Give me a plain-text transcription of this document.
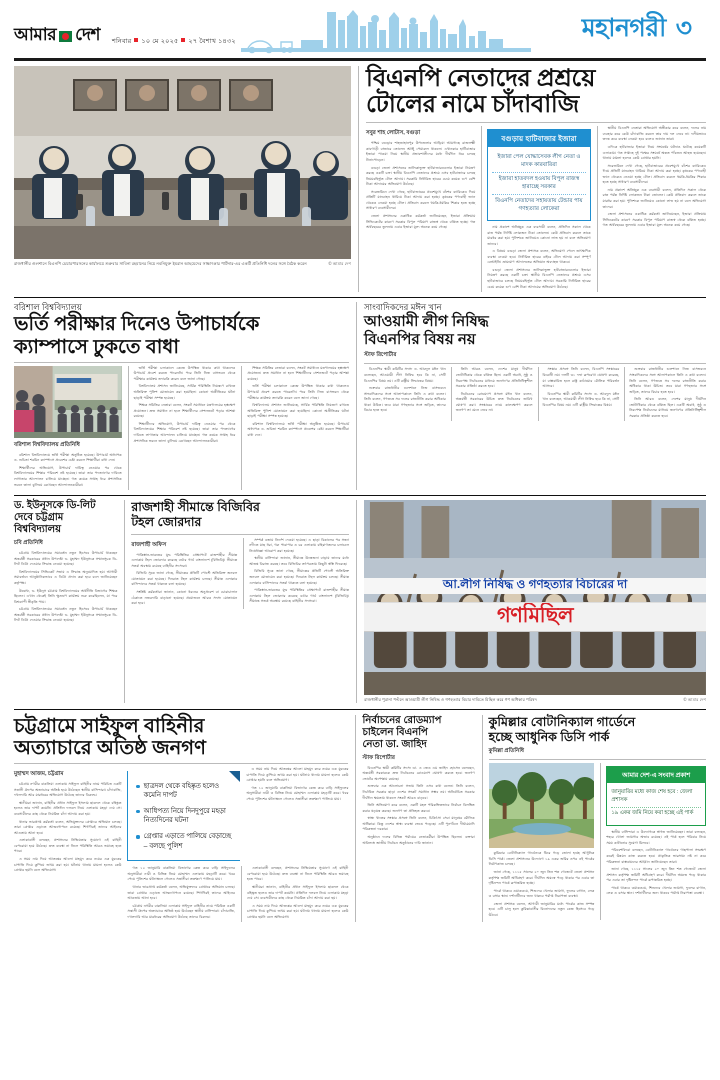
আমার দেশ শনিবার ১০ মে ২০২৫ ২৭ বৈশাখ ১৪৩২	মহানগরী ৩
© আমার দেশ
রাজধানীর গুলশানে বিএনপি চেয়ারপারসনের কার্যালয়ে শুক্রবার সাবিনা রহমানের নিয়ে নবনিযুক্ত ইমরান আহমেদের সাক্ষাৎকার পার্টনার-এর একটি প্রতিনিধি দলের সঙ্গে বৈঠক করেন
বিএনপি নেতাদের প্রশ্রয়ে
টোলের নামে চাঁদাবাজি
সবুর শাহ লোটাস, বগুড়া

পশ্চিম বগুড়ার শাহজাহানপুর উপজেলার আড়িয়া আমগাছে রাজলক্ষ্মী কাবগাড়ী বাজারে তোলেন আঞ্জু পেয়ারুল থাকলে। এখানকার হাটিবাজার ইজারা পাওয়া নিয়ে স্থানীয় প্রভাবশালীদের মধ্যে দীর্ঘদিন ধরে চলছে টানাপোড়েন।

বগুড়া জেলা প্রশাসনের তালিকাভুক্ত হাটবাজারগুলোর ইজারা নিয়ন্ত্রণ করছে একটি চক্র। স্থানীয় বিএনপি নেতাদের প্রশ্রয়ে এসব হাটবাজারে চলছে নিয়মবহির্ভূত টোল আদায়। সরকারি নির্ধারিত হারের চেয়ে কয়েক গুণ বেশি টাকা আদায়ের অভিযোগ উঠেছে।

সরেজমিনে দেখা গেছে, হাটবাজারের প্রবেশমুখে বাঁশের ব্যারিকেড দিয়ে প্রতিটি যানবাহন থামিয়ে টাকা আদায় করা হচ্ছে। কৃষকের পণ্যবাহী ভ্যান থেকেও নেওয়া হচ্ছে টোল। প্রতিবাদ করলে হুমকি-ধমকির শিকার হতে হচ্ছে সাধারণ ব্যবসায়ীদের।

জেলা প্রশাসনের একাধিক কর্মকর্তা জানিয়েছেন, ইজারা প্রক্রিয়ায় সিন্ডিকেটের কারণে সরকার বিপুল পরিমাণ রাজস্ব থেকে বঞ্চিত হচ্ছে। গত অর্থবছরের তুলনায় এবার ইজারা মূল্য অনেক কমে গেছে।

বগুড়ায় হাটিবাজার ইজারা
ইজারা পেল যোদ্ধাসেবক লীগ নেতা ও মাদক কারবারিরা
ইজারা হাতবদল হওয়ায় বিপুল রাজস্ব হারাচ্ছে সরকার
বিএনপি নেতাদের সহায়তায় টেন্ডার পায় গণহত্যার লোকেরা

নাম প্রকাশে অনিচ্ছুক এক ব্যবসায়ী বলেন, প্রতিদিন সকাল থেকে রাত পর্যন্ত নির্দিষ্ট লোকজন টাকা তোলেন। কেউ প্রতিবাদ করলে তাকে মারধর করা হয়। পুলিশকে জানিয়েও কোনো লাভ হয় না বলে অভিযোগ তাদের।

এ বিষয়ে বগুড়া জেলা প্রশাসক বলেন, অভিযোগ পেলে তাৎক্ষণিক ব্যবস্থা নেওয়া হবে। নির্ধারিত হারের বাইরে টোল আদায় করা সম্পূর্ণ বেআইনি। ভ্রাম্যমাণ আদালতের অভিযান অব্যাহত থাকবে।

বগুড়া জেলা প্রশাসনের তালিকাভুক্ত হাটবাজারগুলোর ইজারা নিয়ন্ত্রণ করছে একটি চক্র। স্থানীয় বিএনপি নেতাদের প্রশ্রয়ে এসব হাটবাজারে চলছে নিয়মবহির্ভূত টোল আদায়। সরকারি নির্ধারিত হারের চেয়ে কয়েক গুণ বেশি টাকা আদায়ের অভিযোগ উঠেছে।

স্থানীয় বিএনপি নেতারা অভিযোগ অস্বীকার করে বলেন, দলের নাম ব্যবহার করে কেউ চাঁদাবাজি করলে তার দায় দল নেবে না। দলীয়ভাবে তদন্ত করে ব্যবস্থা নেওয়া হবে বলেও জানান তারা।

এদিকে হাটবাজার ইজারা নিয়ে সংঘর্ষের ঘটনাও ঘটেছে কয়েকটি এলাকায়। গত সপ্তাহে দুই পক্ষের সংঘর্ষে অন্তত পাঁচজন আহত হয়েছেন। থানায় মামলা হলেও কেউ গ্রেপ্তার হয়নি।

সরেজমিনে দেখা গেছে, হাটবাজারের প্রবেশমুখে বাঁশের ব্যারিকেড দিয়ে প্রতিটি যানবাহন থামিয়ে টাকা আদায় করা হচ্ছে। কৃষকের পণ্যবাহী ভ্যান থেকেও নেওয়া হচ্ছে টোল। প্রতিবাদ করলে হুমকি-ধমকির শিকার হতে হচ্ছে সাধারণ ব্যবসায়ীদের।

নাম প্রকাশে অনিচ্ছুক এক ব্যবসায়ী বলেন, প্রতিদিন সকাল থেকে রাত পর্যন্ত নির্দিষ্ট লোকজন টাকা তোলেন। কেউ প্রতিবাদ করলে তাকে মারধর করা হয়। পুলিশকে জানিয়েও কোনো লাভ হয় না বলে অভিযোগ তাদের।

জেলা প্রশাসনের একাধিক কর্মকর্তা জানিয়েছেন, ইজারা প্রক্রিয়ায় সিন্ডিকেটের কারণে সরকার বিপুল পরিমাণ রাজস্ব থেকে বঞ্চিত হচ্ছে। গত অর্থবছরের তুলনায় এবার ইজারা মূল্য অনেক কমে গেছে।

বরিশাল বিশ্ববিদ্যালয়
ভর্তি পরীক্ষার দিনেও উপাচার্যকে
ক্যাম্পাসে ঢুকতে বাধা
বরিশাল বিশ্ববিদ্যালয় প্রতিনিধি

বরিশাল বিশ্ববিদ্যালয়ে ভর্তি পরীক্ষা অনুষ্ঠিত হয়েছে। উপাচার্য অধ্যাপক ড. শুচিতা শরমিন ক্যাম্পাসে প্রবেশের চেষ্টা করলে শিক্ষার্থীরা বাধা দেন।

শিক্ষার্থীদের অভিযোগ, উপাচার্য দায়িত্ব নেওয়ার পর থেকে বিশ্ববিদ্যালয়ের শিক্ষার পরিবেশ নষ্ট হয়েছে। তারা তার পদত্যাগের দাবিতে লাগাতার আন্দোলন চালিয়ে যাচ্ছেন। গত কয়েক সপ্তাহ ধরে প্রশাসনিক ভবনে তালা ঝুলিয়ে রেখেছেন আন্দোলনকারীরা।

ভর্তি পরীক্ষা চলাকালে কেন্দ্রে উপস্থিত থাকার কথা থাকলেও উপাচার্য প্রবেশ করতে পারেননি। পরে তিনি নিজ বাসভবন থেকে পরীক্ষার কার্যক্রম তদারকি করেন বলে জানা গেছে।

বিশ্ববিদ্যালয় প্রশাসন জানিয়েছে, সার্বিক পরিস্থিতি নিয়ন্ত্রণে রাখতে অতিরিক্ত পুলিশ মোতায়েন করা হয়েছিল। কোনো অপ্রীতিকর ঘটনা ছাড়াই পরীক্ষা সম্পন্ন হয়েছে।

শিক্ষক সমিতির নেতারা বলেন, সংকট সমাধানে মন্ত্রণালয়ের হস্তক্ষেপ প্রয়োজন। দ্রুত সমাধান না হলে শিক্ষার্থীদের সেশনজটে পড়ার আশঙ্কা রয়েছে।

শিক্ষার্থীদের অভিযোগ, উপাচার্য দায়িত্ব নেওয়ার পর থেকে বিশ্ববিদ্যালয়ের শিক্ষার পরিবেশ নষ্ট হয়েছে। তারা তার পদত্যাগের দাবিতে লাগাতার আন্দোলন চালিয়ে যাচ্ছেন। গত কয়েক সপ্তাহ ধরে প্রশাসনিক ভবনে তালা ঝুলিয়ে রেখেছেন আন্দোলনকারীরা।

শিক্ষক সমিতির নেতারা বলেন, সংকট সমাধানে মন্ত্রণালয়ের হস্তক্ষেপ প্রয়োজন। দ্রুত সমাধান না হলে শিক্ষার্থীদের সেশনজটে পড়ার আশঙ্কা রয়েছে।

ভর্তি পরীক্ষা চলাকালে কেন্দ্রে উপস্থিত থাকার কথা থাকলেও উপাচার্য প্রবেশ করতে পারেননি। পরে তিনি নিজ বাসভবন থেকে পরীক্ষার কার্যক্রম তদারকি করেন বলে জানা গেছে।

বিশ্ববিদ্যালয় প্রশাসন জানিয়েছে, সার্বিক পরিস্থিতি নিয়ন্ত্রণে রাখতে অতিরিক্ত পুলিশ মোতায়েন করা হয়েছিল। কোনো অপ্রীতিকর ঘটনা ছাড়াই পরীক্ষা সম্পন্ন হয়েছে।

বরিশাল বিশ্ববিদ্যালয়ে ভর্তি পরীক্ষা অনুষ্ঠিত হয়েছে। উপাচার্য অধ্যাপক ড. শুচিতা শরমিন ক্যাম্পাসে প্রবেশের চেষ্টা করলে শিক্ষার্থীরা বাধা দেন।

সাংবাদিকদের মঈন খান
আওয়ামী লীগ নিষিদ্ধ
বিএনপির বিষয় নয়
স্টাফ রিপোর্টার

বিএনপির স্থায়ী কমিটির সদস্য ড. আবদুল মঈন খান বলেছেন, আওয়ামী লীগ নিষিদ্ধ হবে কি না, সেটি বিএনপির বিষয় নয়। এটি রাষ্ট্রীয় সিদ্ধান্তের বিষয়।

শুক্রবার রাজধানীর গুলশানে নিজ বাসভবনে সাংবাদিকদের সঙ্গে আলাপকালে তিনি এ কথা বলেন। তিনি বলেন, গণতন্ত্রে সব দলের রাজনীতি করার অধিকার থাকা উচিত। তবে যারা গণহত্যার সঙ্গে জড়িত, তাদের বিচার হতে হবে।

তিনি আরও বলেন, দেশের মানুষ দীর্ঘদিন ভোটাধিকার থেকে বঞ্চিত ছিল। একটি অবাধ, সুষ্ঠু ও নিরপেক্ষ নির্বাচনের মাধ্যমে জনগণের প্রতিনিধিত্বশীল সরকার প্রতিষ্ঠা করতে হবে।

নির্বাচনের রোডম্যাপ প্রসঙ্গে মঈন খান বলেন, অন্তর্বর্তী সরকারের উচিত দ্রুত নির্বাচনের তারিখ ঘোষণা করা। সংস্কারের নামে কালক্ষেপণ করলে জনগণ তা মেনে নেবে না।

সংস্কার প্রসঙ্গে তিনি বলেন, বিএনপি সংস্কারের বিরোধী নয়। দলটি ৩১ দফা রূপরেখা ঘোষণা করেছে, যা বাস্তবায়িত হলে রাষ্ট্র কাঠামোর মৌলিক পরিবর্তন আসবে।

বিএনপির স্থায়ী কমিটির সদস্য ড. আবদুল মঈন খান বলেছেন, আওয়ামী লীগ নিষিদ্ধ হবে কি না, সেটি বিএনপির বিষয় নয়। এটি রাষ্ট্রীয় সিদ্ধান্তের বিষয়।

শুক্রবার রাজধানীর গুলশানে নিজ বাসভবনে সাংবাদিকদের সঙ্গে আলাপকালে তিনি এ কথা বলেন। তিনি বলেন, গণতন্ত্রে সব দলের রাজনীতি করার অধিকার থাকা উচিত। তবে যারা গণহত্যার সঙ্গে জড়িত, তাদের বিচার হতে হবে।

তিনি আরও বলেন, দেশের মানুষ দীর্ঘদিন ভোটাধিকার থেকে বঞ্চিত ছিল। একটি অবাধ, সুষ্ঠু ও নিরপেক্ষ নির্বাচনের মাধ্যমে জনগণের প্রতিনিধিত্বশীল সরকার প্রতিষ্ঠা করতে হবে।

ড. ইউনূসকে ডি-লিট
দেবে চট্টগ্রাম
বিশ্ববিদ্যালয়
চবি প্রতিনিধি

চট্টগ্রাম বিশ্ববিদ্যালয়ের সমাবর্তন নতুন হিসেবে উপাচার্য থাকছেন অন্তর্বর্তী সরকারের প্রধান উপদেষ্টা ড. মুহাম্মদ ইউনূসকে সম্মানসূচক ডি-লিট ডিগ্রি দেওয়ার সিদ্ধান্ত নেওয়া হয়েছে।

বিশ্ববিদ্যালয়ের সিন্ডিকেট সভায় এ সিদ্ধান্ত অনুমোদিত হয়। আগামী সমাবর্তনে আনুষ্ঠানিকভাবে এ ডিগ্রি প্রদান করা হবে বলে জানিয়েছেন কর্তৃপক্ষ।

উল্লেখ্য, ড. ইউনূস চট্টগ্রাম বিশ্ববিদ্যালয়ের অর্থনীতি বিভাগের শিক্ষক ছিলেন। এখান থেকেই তিনি ক্ষুদ্রঋণ কার্যক্রম শুরু করেছিলেন, যা পরে বিশ্বব্যাপী স্বীকৃতি পায়।

চট্টগ্রাম বিশ্ববিদ্যালয়ের সমাবর্তন নতুন হিসেবে উপাচার্য থাকছেন অন্তর্বর্তী সরকারের প্রধান উপদেষ্টা ড. মুহাম্মদ ইউনূসকে সম্মানসূচক ডি-লিট ডিগ্রি দেওয়ার সিদ্ধান্ত নেওয়া হয়েছে।

রাজশাহী সীমান্তে বিজিবির
টহল জোরদার
রাজশাহী অফিস

পাকিস্তান-ভারতের যুদ্ধ পরিস্থিতির প্রেক্ষাপটে রাজশাহীর সীমান্ত এলাকায় টহল জোরদার করেছে বর্ডার গার্ড বাংলাদেশ (বিজিবি)। সীমান্তে সতর্ক অবস্থায় রয়েছে বাহিনীর সদস্যরা।

বিজিবি সূত্রে জানা গেছে, সীমান্তের প্রতিটি পোস্টে অতিরিক্ত জনবল মোতায়েন করা হয়েছে। দিনরাত টহল কার্যক্রম চলছে। সীমান্ত এলাকার বাসিন্দাদের সতর্ক থাকতে বলা হয়েছে।

সংশ্লিষ্ট কর্মকর্তারা জানান, কোনো ধরনের অনুপ্রবেশ বা চোরাচালান ঠেকাতে নজরদারি বাড়ানো হয়েছে। প্রয়োজনে আরও সদস্য মোতায়েন করা হবে।

সম্পর্ক বজায় নির্দেশ দেওয়া হয়েছে। এ ছাড়া বিকালের পর সন্ধ্যা নদীতে মাছ ধরা, গরু পারাপার ও চর এলাকায় বহিরাগতদের চলাচলে নিষেধাজ্ঞা আরোপ করা হয়েছে।

স্থানীয় বাসিন্দারা জানান, সীমান্তে উত্তেজনা বাড়ায় তাদের মধ্যে আতঙ্ক বিরাজ করছে। তবে বিজিবির তৎপরতায় কিছুটা স্বস্তি ফিরেছে।

বিজিবি সূত্রে জানা গেছে, সীমান্তের প্রতিটি পোস্টে অতিরিক্ত জনবল মোতায়েন করা হয়েছে। দিনরাত টহল কার্যক্রম চলছে। সীমান্ত এলাকার বাসিন্দাদের সতর্ক থাকতে বলা হয়েছে।

পাকিস্তান-ভারতের যুদ্ধ পরিস্থিতির প্রেক্ষাপটে রাজশাহীর সীমান্ত এলাকায় টহল জোরদার করেছে বর্ডার গার্ড বাংলাদেশ (বিজিবি)। সীমান্তে সতর্ক অবস্থায় রয়েছে বাহিনীর সদস্যরা।

আ.লীগ নিষিদ্ধ ও গণহত্যার বিচারের দা
গণমিছিল
© আমার দেশ
রাজধানীর পুরানা পল্টনে আওয়ামী লীগ নিষিদ্ধ ও গণহত্যার বিচার দাবিতে মিছিল করে গণ অধিকার পরিষদ
চট্টগ্রামে সাইফুল বাহিনীর
অত্যাচারে অতিষ্ঠ জনগণ
মুহাম্মদ আজম, চট্টগ্রাম

চট্টগ্রাম নগরীর বাকলিয়া এলাকায় সাইফুল বাহিনীর নামে পরিচিত একটি সন্ত্রাসী গ্রুপের অত্যাচারে অতিষ্ঠ হয়ে উঠেছেন স্থানীয় বাসিন্দারা। চাঁদাবাজি, দখলদারি আর মারধরের অভিযোগ উঠেছে তাদের বিরুদ্ধে।

স্থানীয়রা জানান, বাহিনীর প্রধান সাইফুল ইসলাম ছাত্রদল থেকে বহিষ্কৃত হলেও তার দাপট কমেনি। প্রতিদিন দলবল নিয়ে এলাকায় মহড়া দেয় সে। ব্যবসায়ীদের কাছ থেকে নিয়মিত চাঁদা আদায় করা হয়।

থানার ভারপ্রাপ্ত কর্মকর্তা বলেন, অভিযুক্তদের গ্রেপ্তারে অভিযান চলছে। তারা গ্রেপ্তার এড়াতে আত্মগোপনে রয়েছে। শিগগিরই তাদের আইনের আওতায় আনা হবে।

এলাকাবাসী বলছেন, প্রশাসনের নিষ্ক্রিয়তার সুযোগে এই বাহিনী বেপরোয়া হয়ে উঠেছে। দ্রুত ব্যবস্থা না নিলে পরিস্থিতি আরও ভয়াবহ হতে পারে।

এ সময় নাম দিয়ে আতঙ্কের আলো মাহমুদ করে নয়ের এক যুবকের চাপাতি দিয়ে কুপিয়ে জখম করা হয়। ঘটনায় থানায় মামলা হলেও কেউ গ্রেপ্তার হয়নি বলে অভিযোগ।

ছাত্রদল থেকে বহিষ্কৃত হলেও কমেনি দাপট
আধিপত্য নিয়ে দিনদুপুরে মহড়া নিত্যদিনের ঘটনা
গ্রেপ্তার এড়াতে পালিয়ে বেড়াচ্ছে – বলছে পুলিশ

এ সময় নাম দিয়ে আতঙ্কের আলো মাহমুদ করে নয়ের এক যুবকের চাপাতি দিয়ে কুপিয়ে জখম করা হয়। ঘটনায় থানায় মামলা হলেও কেউ গ্রেপ্তার হয়নি বলে অভিযোগ।

গত ১২ জানুয়ারি বাকলিয়া বিভাগের কেন্দ্র করে বাড়ি সাইফুলের অনুসারীরা নারী ও বিভিন্ন নিয়ে মোহাম্মদ এলাকায় মহড়াটি করে। খবর পেয়ে পুলিশের ঘটনাস্থলে গেলেও সন্ত্রাসীরা ততক্ষণে পালিয়ে যায়।

গত ১২ জানুয়ারি বাকলিয়া বিভাগের কেন্দ্র করে বাড়ি সাইফুলের অনুসারীরা নারী ও বিভিন্ন নিয়ে মোহাম্মদ এলাকায় মহড়াটি করে। খবর পেয়ে পুলিশের ঘটনাস্থলে গেলেও সন্ত্রাসীরা ততক্ষণে পালিয়ে যায়।

থানার ভারপ্রাপ্ত কর্মকর্তা বলেন, অভিযুক্তদের গ্রেপ্তারে অভিযান চলছে। তারা গ্রেপ্তার এড়াতে আত্মগোপনে রয়েছে। শিগগিরই তাদের আইনের আওতায় আনা হবে।

চট্টগ্রাম নগরীর বাকলিয়া এলাকায় সাইফুল বাহিনীর নামে পরিচিত একটি সন্ত্রাসী গ্রুপের অত্যাচারে অতিষ্ঠ হয়ে উঠেছেন স্থানীয় বাসিন্দারা। চাঁদাবাজি, দখলদারি আর মারধরের অভিযোগ উঠেছে তাদের বিরুদ্ধে।

এলাকাবাসী বলছেন, প্রশাসনের নিষ্ক্রিয়তার সুযোগে এই বাহিনী বেপরোয়া হয়ে উঠেছে। দ্রুত ব্যবস্থা না নিলে পরিস্থিতি আরও ভয়াবহ হতে পারে।

স্থানীয়রা জানান, বাহিনীর প্রধান সাইফুল ইসলাম ছাত্রদল থেকে বহিষ্কৃত হলেও তার দাপট কমেনি। প্রতিদিন দলবল নিয়ে এলাকায় মহড়া দেয় সে। ব্যবসায়ীদের কাছ থেকে নিয়মিত চাঁদা আদায় করা হয়।

এ সময় নাম দিয়ে আতঙ্কের আলো মাহমুদ করে নয়ের এক যুবকের চাপাতি দিয়ে কুপিয়ে জখম করা হয়। ঘটনায় থানায় মামলা হলেও কেউ গ্রেপ্তার হয়নি বলে অভিযোগ।

নির্বাচনের রোডম্যাপ
চাইলেন বিএনপি
নেতা ডা. জাহিদ
স্টাফ রিপোর্টার

বিএনপির স্থায়ী কমিটির সদস্য ডা. এ জেড এম জাহিদ হোসেন বলেছেন, অন্তর্বর্তী সরকারকে দ্রুত নির্বাচনের রোডম্যাপ ঘোষণা করতে হবে। জনগণ ভোটের অপেক্ষায় রয়েছে।

শুক্রবার এক আলোচনা সভায় তিনি এসব কথা বলেন। তিনি বলেন, নির্বাচিত সরকার ছাড়া দেশের সংকট সমাধান সম্ভব নয়। অনির্বাচিত সরকার দীর্ঘদিন ক্ষমতায় থাকলে সংকট আরও বাড়বে।

তিনি অভিযোগ করে বলেন, একটি মহল পরিকল্পিতভাবে নির্বাচন বিলম্বিত করার ষড়যন্ত্র করছে। জনগণ তা প্রতিহত করবে।

স্বাস্থ্য খাতের সংস্কার প্রসঙ্গে তিনি বলেন, চিকিৎসা সেবা মানুষের মৌলিক অধিকার। কিন্তু দেশের স্বাস্থ্য ব্যবস্থা ভেঙে পড়েছে। এটি পুনর্গঠনে দীর্ঘমেয়াদি পরিকল্পনা দরকার।

অনুষ্ঠানে দলের বিভিন্ন পর্যায়ের নেতাকর্মীরা উপস্থিত ছিলেন। বক্তারা অবিলম্বে জাতীয় নির্বাচন অনুষ্ঠানের দাবি জানান।

কুমিল্লার বোটানিক্যাল গার্ডেনে
হচ্ছে আধুনিক ডিসি পার্ক
কুমিল্লা প্রতিনিধি

কুমিল্লার বোটানিক্যাল গার্ডেনকে ঘিরে গড়ে তোলা হচ্ছে আধুনিক ডিসি পার্ক। জেলা প্রশাসনের উদ্যোগে ১৯ একর জমির ওপর এই পার্কের নির্মাণকাজ চলছে।

জানা গেছে, ১১১৫ সালের ২০ জুন তিন শত গেজেটে জেলা প্রশাসন কর্তৃপক্ষ জমিটি অধিগ্রহণ করে। দীর্ঘদিন অযত্নে পড়ে থাকার পর এবার তা দৃষ্টিনন্দন পার্কে রূপান্তরিত হচ্ছে।

পার্কে থাকবে ওয়াকওয়ে, শিশুদের খেলার জায়গা, ফুলের বাগান, লেক ও বসার স্থান। দর্শনার্থীদের জন্য থাকবে পর্যাপ্ত নিরাপত্তা ব্যবস্থা।

জেলা প্রশাসক বলেন, আগামী জানুয়ারির মধ্যে পার্কের কাজ সম্পন্ন হবে। এটি চালু হলে কুমিল্লাবাসীর বিনোদনের নতুন কেন্দ্র হিসেবে গড়ে উঠবে।

আমার দেশ-এ সংবাদ প্রকাশ
জানুয়ারির মধ্যে কাজ শেষ হবে : জেলা প্রশাসক
১৯ একর জমি নিয়ে করা হচ্ছে এই পার্ক

স্থানীয় বাসিন্দারা এ উদ্যোগকে স্বাগত জানিয়েছেন। তারা বলছেন, শহরে খোলা জায়গার অভাব রয়েছে। এই পার্ক হলে পরিবার নিয়ে সময় কাটানোর সুযোগ মিলবে।

পরিবেশবিদরা বলছেন, বোটানিক্যাল গার্ডেনের গাছপালা সংরক্ষণ করেই উন্নয়ন কাজ করতে হবে। প্রাকৃতিক ভারসাম্য নষ্ট না করে পরিকল্পনা বাস্তবায়নের আহ্বান জানিয়েছেন তারা।

জানা গেছে, ১১১৫ সালের ২০ জুন তিন শত গেজেটে জেলা প্রশাসন কর্তৃপক্ষ জমিটি অধিগ্রহণ করে। দীর্ঘদিন অযত্নে পড়ে থাকার পর এবার তা দৃষ্টিনন্দন পার্কে রূপান্তরিত হচ্ছে।

পার্কে থাকবে ওয়াকওয়ে, শিশুদের খেলার জায়গা, ফুলের বাগান, লেক ও বসার স্থান। দর্শনার্থীদের জন্য থাকবে পর্যাপ্ত নিরাপত্তা ব্যবস্থা।
